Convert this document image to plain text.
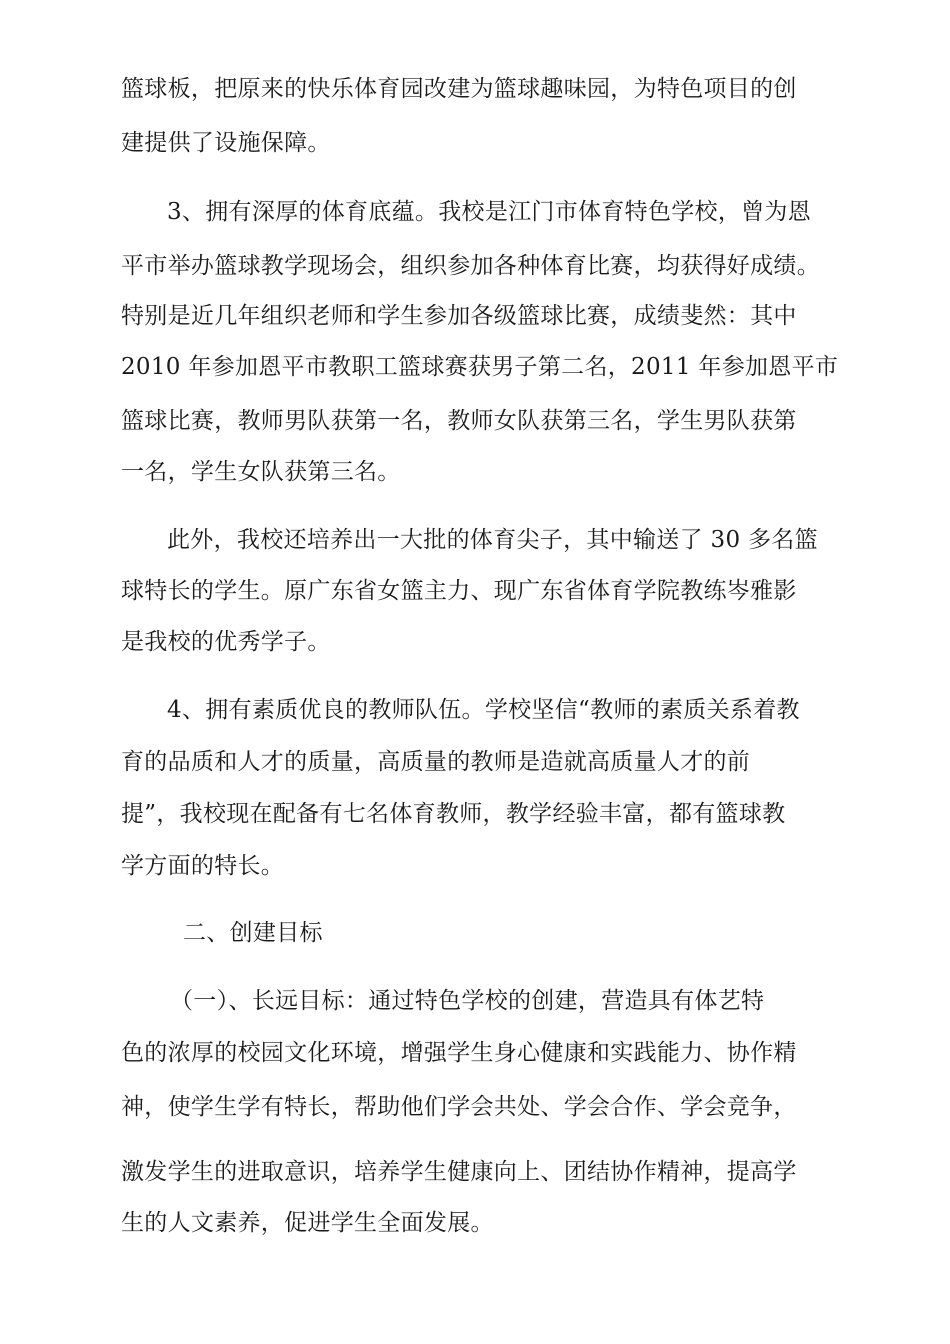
篮球板，把原来的快乐体育园改建为篮球趣味园，为特色项目的创
建提供了设施保障。
3、拥有深厚的体育底蕴。我校是江门市体育特色学校，曾为恩
平市举办篮球教学现场会，组织参加各种体育比赛，均获得好成绩。
特别是近几年组织老师和学生参加各级篮球比赛，成绩斐然：其中
2010 年参加恩平市教职工篮球赛获男子第二名，2011 年参加恩平市
篮球比赛，教师男队获第一名，教师女队获第三名，学生男队获第
一名，学生女队获第三名。
此外，我校还培养出一大批的体育尖子，其中输送了 30 多名篮
球特长的学生。原广东省女篮主力、现广东省体育学院教练岑雅影
是我校的优秀学子。
4、拥有素质优良的教师队伍。学校坚信“教师的素质关系着教
育的品质和人才的质量，高质量的教师是造就高质量人才的前
提”，我校现在配备有七名体育教师，教学经验丰富，都有篮球教
学方面的特长。
二、创建目标
（一）、长远目标：通过特色学校的创建，营造具有体艺特
色的浓厚的校园文化环境，增强学生身心健康和实践能力、协作精
神，使学生学有特长，帮助他们学会共处、学会合作、学会竞争，
激发学生的进取意识，培养学生健康向上、团结协作精神，提高学
生的人文素养，促进学生全面发展。
